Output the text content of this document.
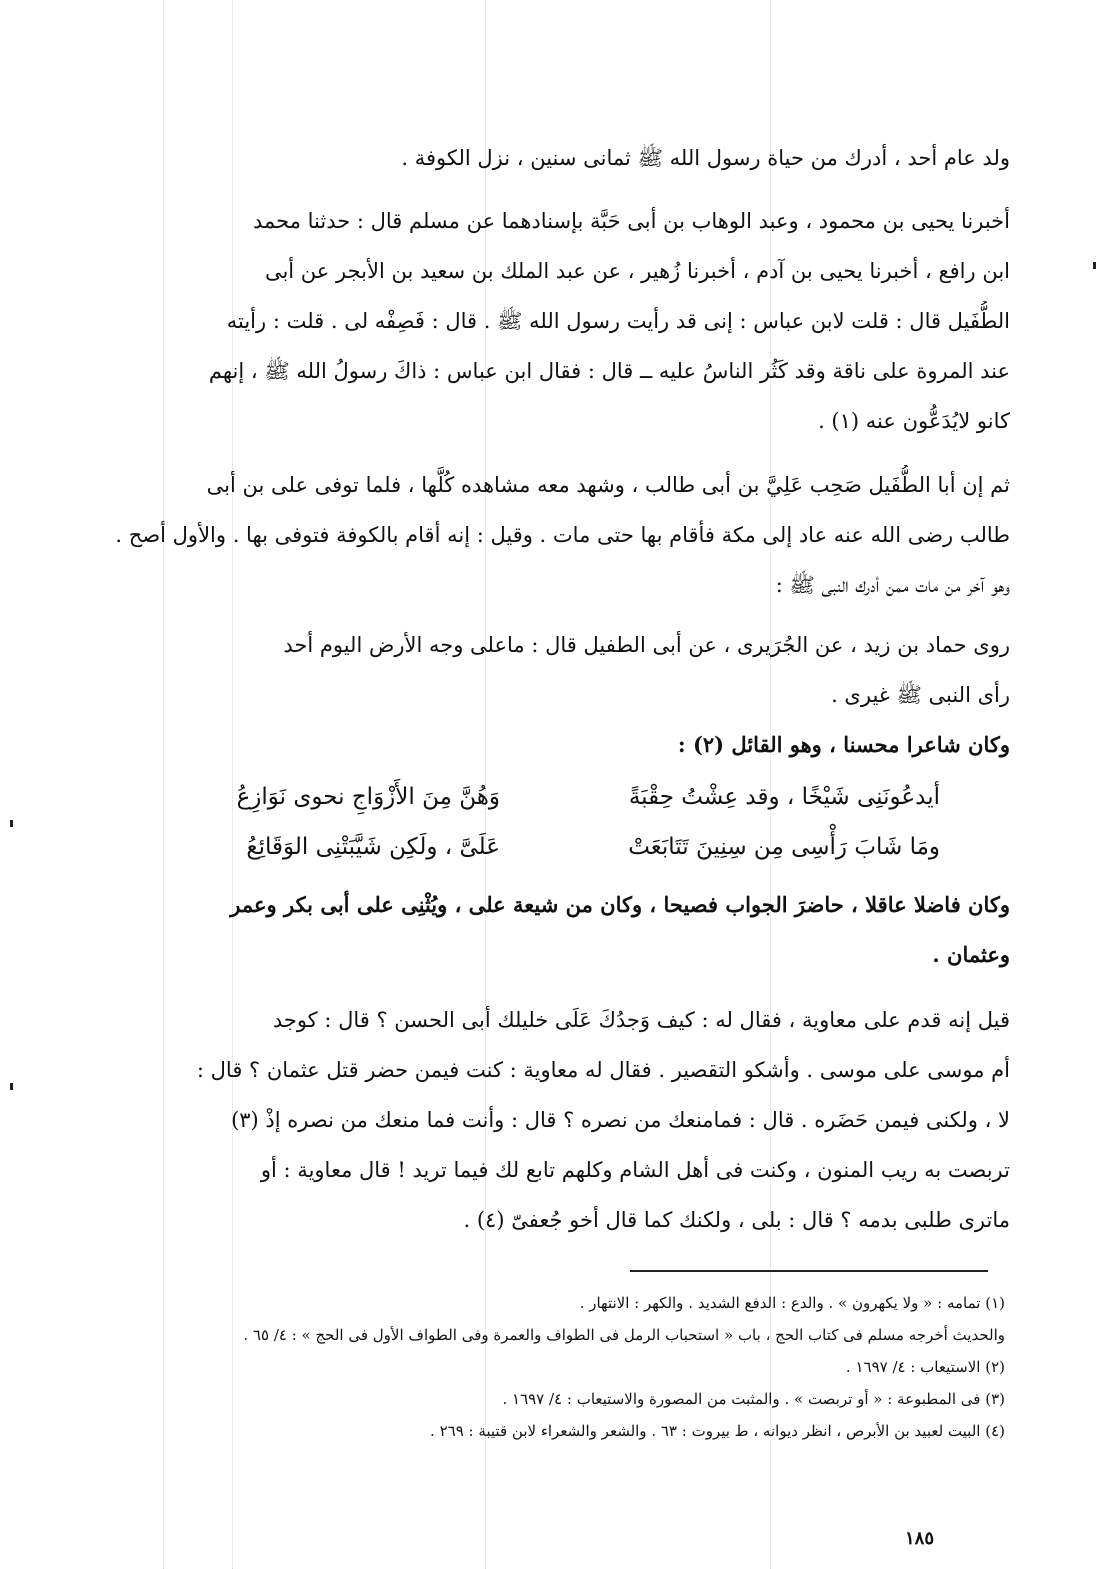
ولد عام أحد ، أدرك من حياة رسول الله ﷺ ثمانى سنين ، نزل الكوفة .
أخبرنا يحيى بن محمود ، وعبد الوهاب بن أبى حَبَّة بإسنادهما عن مسلم قال : حدثنا محمد
ابن رافع ، أخبرنا يحيى بن آدم ، أخبرنا زُهير ، عن عبد الملك بن سعيد بن الأبجر عن أبى
الطُّفَيل قال : قلت لابن عباس : إنى قد رأيت رسول الله ﷺ . قال : فَصِفْه لى . قلت : رأيته
عند المروة على ناقة وقد كَثُر الناسُ عليه ــ قال : فقال ابن عباس : ذاكَ رسولُ الله ﷺ ، إنهم
كانو لايُدَعُّون عنه (١) .
ثم إن أبا الطُّفَيل صَحِب عَلِيَّ بن أبى طالب ، وشهد معه مشاهده كُلَّها ، فلما توفى على بن أبى
طالب رضى الله عنه عاد إلى مكة فأقام بها حتى مات . وقيل : إنه أقام بالكوفة فتوفى بها . والأول أصح .
وهو آخر من مات ممن أدرك النبى ﷺ :
روى حماد بن زيد ، عن الجُرَيرى ، عن أبى الطفيل قال : ماعلى وجه الأرض اليوم أحد
رأى النبى ﷺ غيرى .
وكان شاعرا محسنا ، وهو القائل (٢) :
أيدعُونَنِى شَيْخًا ، وقد عِشْتُ حِقْبَةً
وَهُنَّ مِنَ الأَزْوَاجِ نحوى نَوَازِعُ
ومَا شَابَ رَأْسِى مِن سِنِينَ تَتَابَعَتْ
عَلَىَّ ، ولَكِن شَيَّبَتْنِى الوَقَائِعُ
وكان فاضلا عاقلا ، حاضرَ الجواب فصيحا ، وكان من شيعة على ، ويُثْنِى على أبى بكر وعمر
وعثمان .
قيل إنه قدم على معاوية ، فقال له : كيف وَجدُكَ عَلَى خليلك أبى الحسن ؟ قال : كوجد
أم موسى على موسى . وأشكو التقصير . فقال له معاوية : كنت فيمن حضر قتل عثمان ؟ قال :
لا ، ولكنى فيمن حَضَره . قال : فمامنعك من نصره ؟ قال : وأنت فما منعك من نصره إذْ (٣)
تربصت به ريب المنون ، وكنت فى أهل الشام وكلهم تابع لك فيما تريد ! قال معاوية : أو
ماترى طلبى بدمه ؟ قال : بلى ، ولكنك كما قال أخو جُعفىّ (٤) .
(١) تمامه : « ولا يكهرون » . والدع : الدفع الشديد . والكهر : الانتهار .
والحديث أخرجه مسلم فى كتاب الحج ، باب « استحباب الرمل فى الطواف والعمرة وفى الطواف الأول فى الحج » : ٤/ ٦٥ .
(٢) الاستيعاب : ٤/ ١٦٩٧ .
(٣) فى المطبوعة : « أو تربصت » . والمثبت من المصورة والاستيعاب : ٤/ ١٦٩٧ .
(٤) البيت لعبيد بن الأبرص ، انظر ديوانه ، ط بيروت : ٦٣ . والشعر والشعراء لابن قتيبة : ٢٦٩ .
١٨٥
